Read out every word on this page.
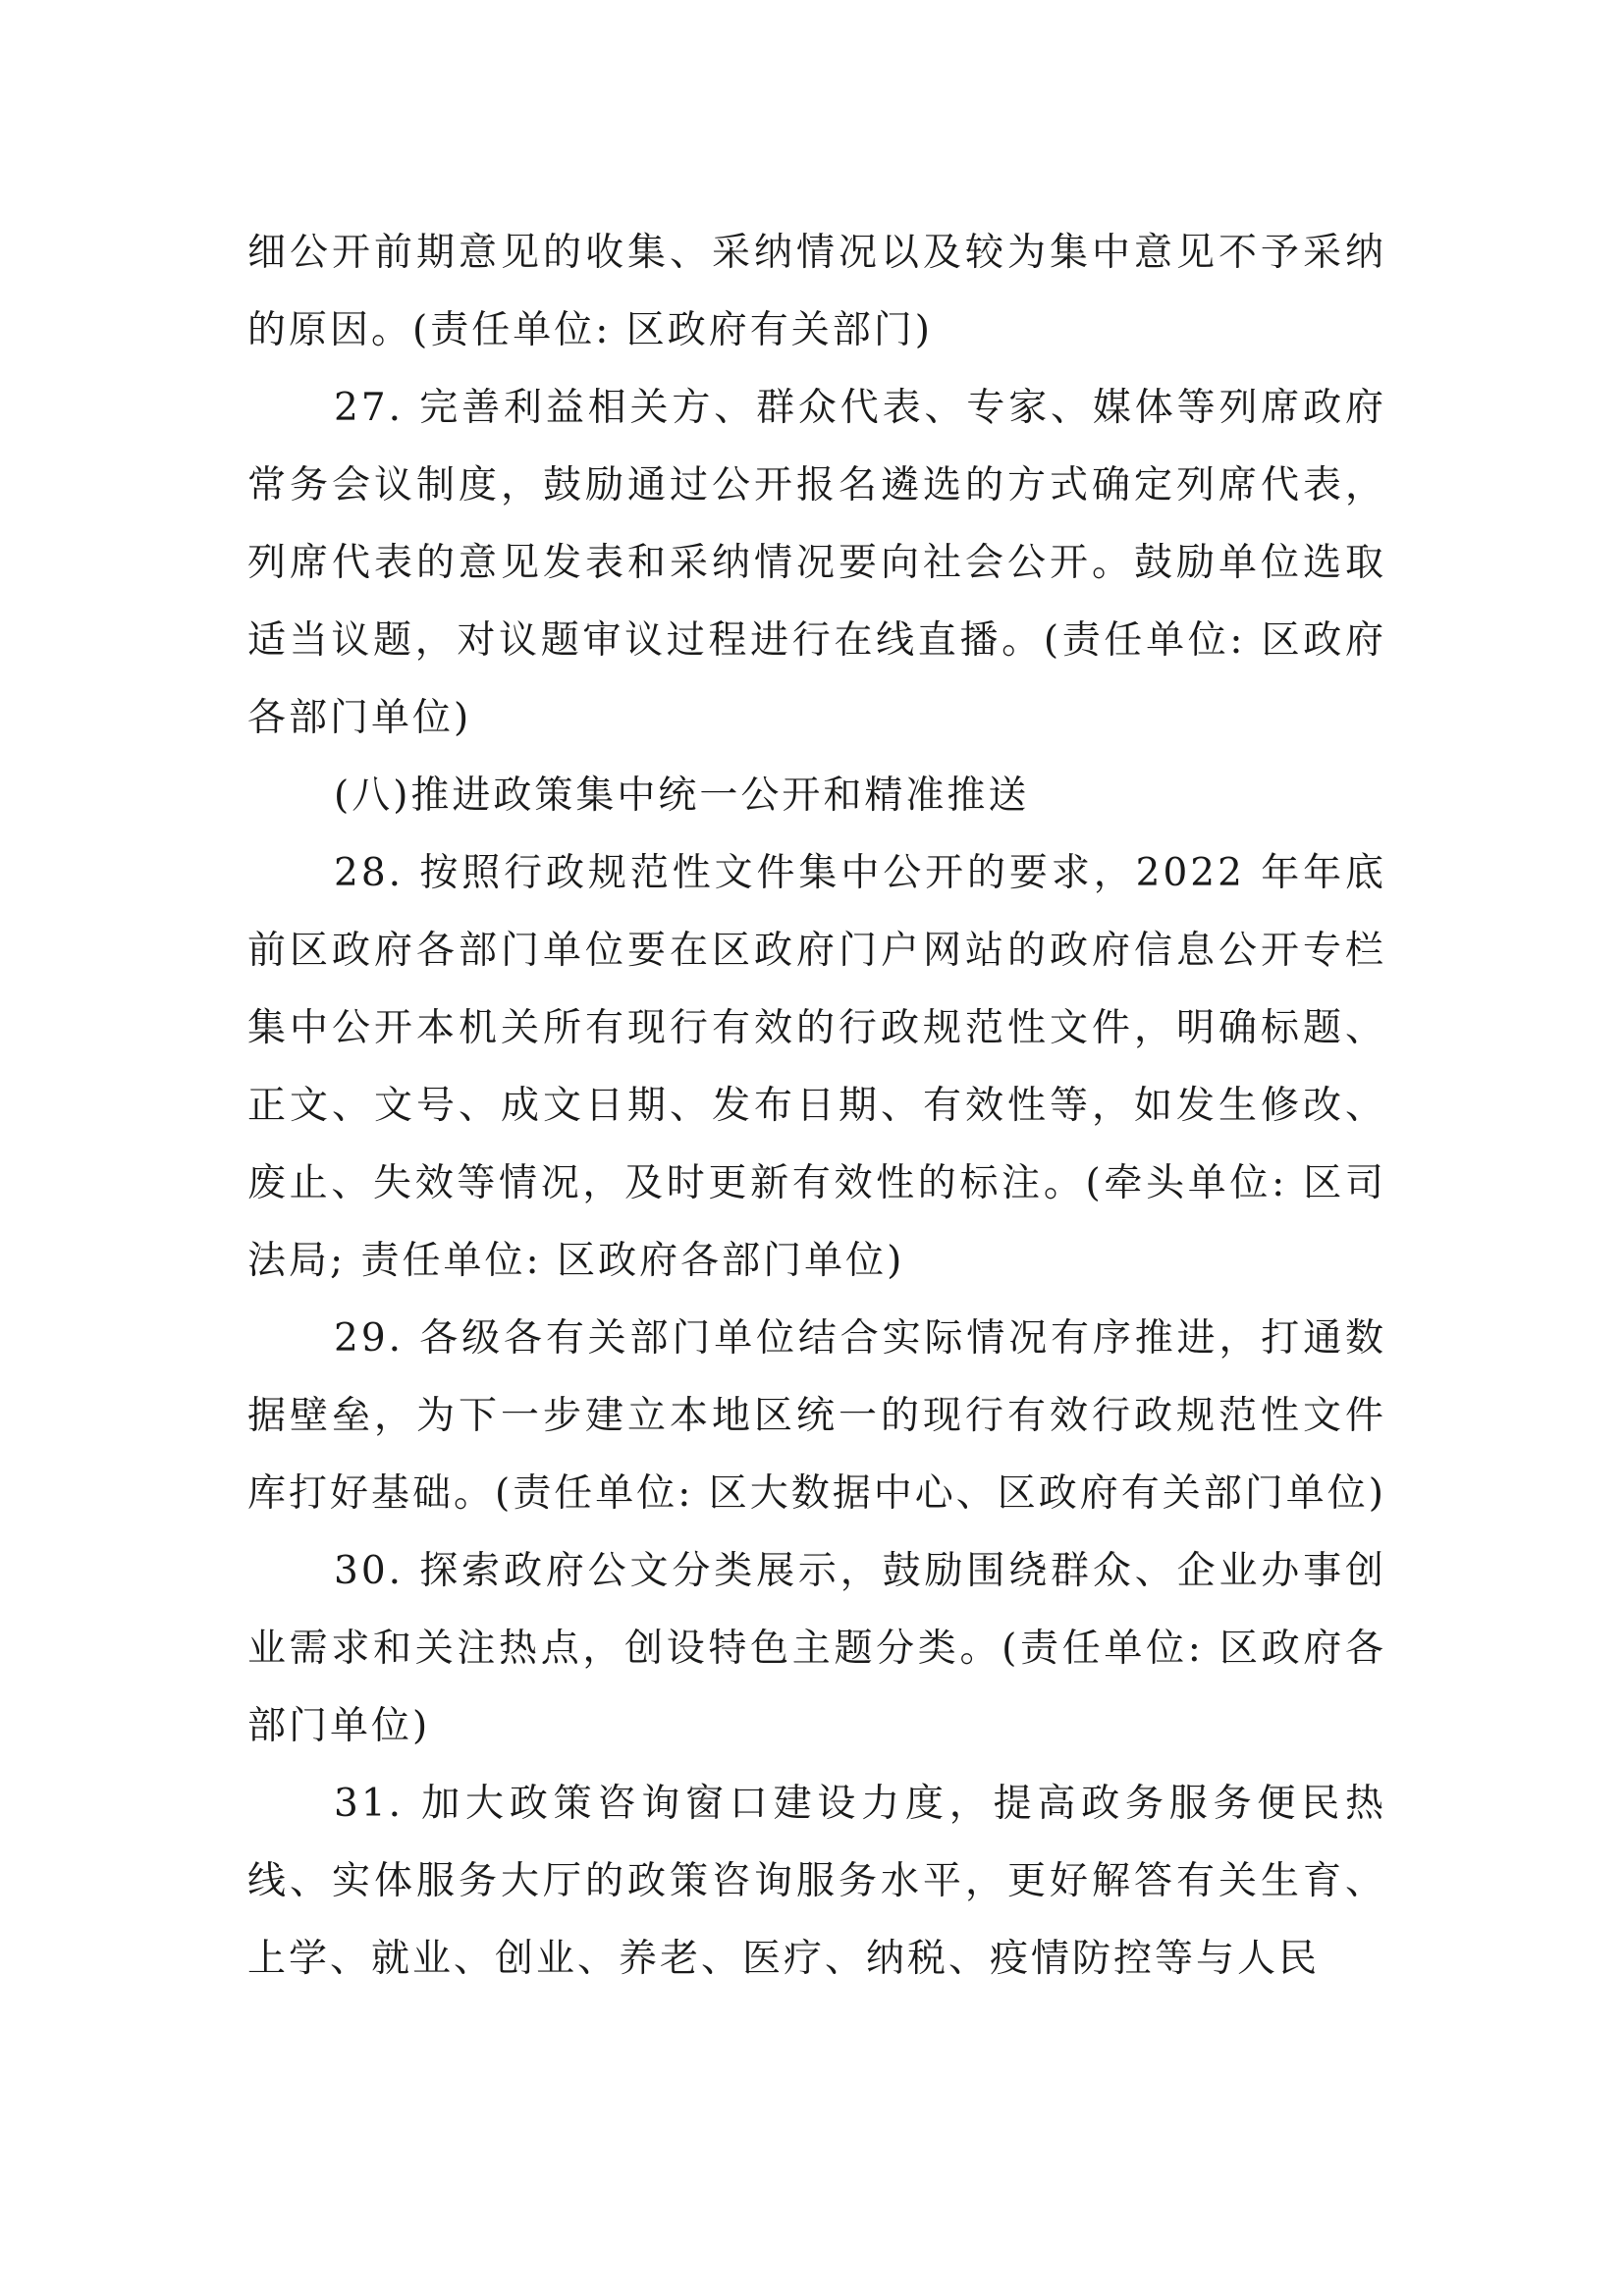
细公开前期意见的收集、采纳情况以及较为集中意见不予采纳的原因。(责任单位: 区政府有关部门)

27. 完善利益相关方、群众代表、专家、媒体等列席政府常务会议制度，鼓励通过公开报名遴选的方式确定列席代表，列席代表的意见发表和采纳情况要向社会公开。鼓励单位选取适当议题，对议题审议过程进行在线直播。(责任单位: 区政府各部门单位)

(八)推进政策集中统一公开和精准推送

28. 按照行政规范性文件集中公开的要求，2022 年年底前区政府各部门单位要在区政府门户网站的政府信息公开专栏集中公开本机关所有现行有效的行政规范性文件，明确标题、正文、文号、成文日期、发布日期、有效性等，如发生修改、废止、失效等情况，及时更新有效性的标注。(牵头单位: 区司法局; 责任单位: 区政府各部门单位)

29. 各级各有关部门单位结合实际情况有序推进，打通数据壁垒，为下一步建立本地区统一的现行有效行政规范性文件库打好基础。(责任单位: 区大数据中心、区政府有关部门单位)

30. 探索政府公文分类展示，鼓励围绕群众、企业办事创业需求和关注热点，创设特色主题分类。(责任单位: 区政府各部门单位)

31. 加大政策咨询窗口建设力度，提高政务服务便民热线、实体服务大厅的政策咨询服务水平，更好解答有关生育、上学、就业、创业、养老、医疗、纳税、疫情防控等与人民
